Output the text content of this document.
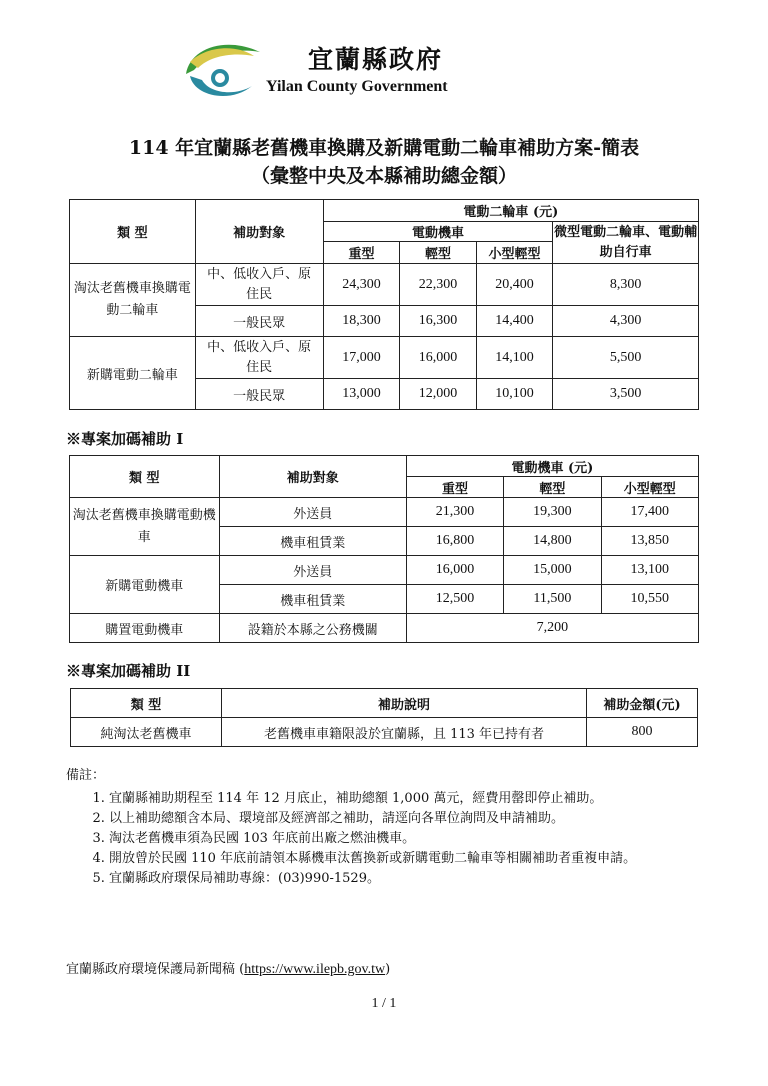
宜蘭縣政府
Yilan County Government
114 年宜蘭縣老舊機車換購及新購電動二輪車補助方案-簡表
（彙整中央及本縣補助總金額）
類 型	補助對象	電動二輪車 (元)			
		電動機車			微型電動二輪車、電動輔助自行車
		重型	輕型	小型輕型	
淘汰老舊機車換購電動二輪車	中、低收入戶、原住民	24,300	22,300	20,400	8,300
	一般民眾	18,300	16,300	14,400	4,300
新購電動二輪車	中、低收入戶、原住民	17,000	16,000	14,100	5,500
	一般民眾	13,000	12,000	10,100	3,500
※專案加碼補助 I
類 型	補助對象	電動機車 (元)		
		重型	輕型	小型輕型
淘汰老舊機車換購電動機車	外送員	21,300	19,300	17,400
	機車租賃業	16,800	14,800	13,850
新購電動機車	外送員	16,000	15,000	13,100
	機車租賃業	12,500	11,500	10,550
購置電動機車	設籍於本縣之公務機關	7,200		
※專案加碼補助 II
類 型	補助說明	補助金額(元)
純淘汰老舊機車	老舊機車車籍限設於宜蘭縣，且 113 年已持有者	800
備註：
1. 宜蘭縣補助期程至 114 年 12 月底止，補助總額 1,000 萬元，經費用罄即停止補助。
2. 以上補助總額含本局、環境部及經濟部之補助，請逕向各單位詢問及申請補助。
3. 淘汰老舊機車須為民國 103 年底前出廠之燃油機車。
4. 開放曾於民國 110 年底前請領本縣機車汰舊換新或新購電動二輪車等相關補助者重複申請。
5. 宜蘭縣政府環保局補助專線：(03)990-1529。
宜蘭縣政府環境保護局新聞稿 (https://www.ilepb.gov.tw)
1 / 1
